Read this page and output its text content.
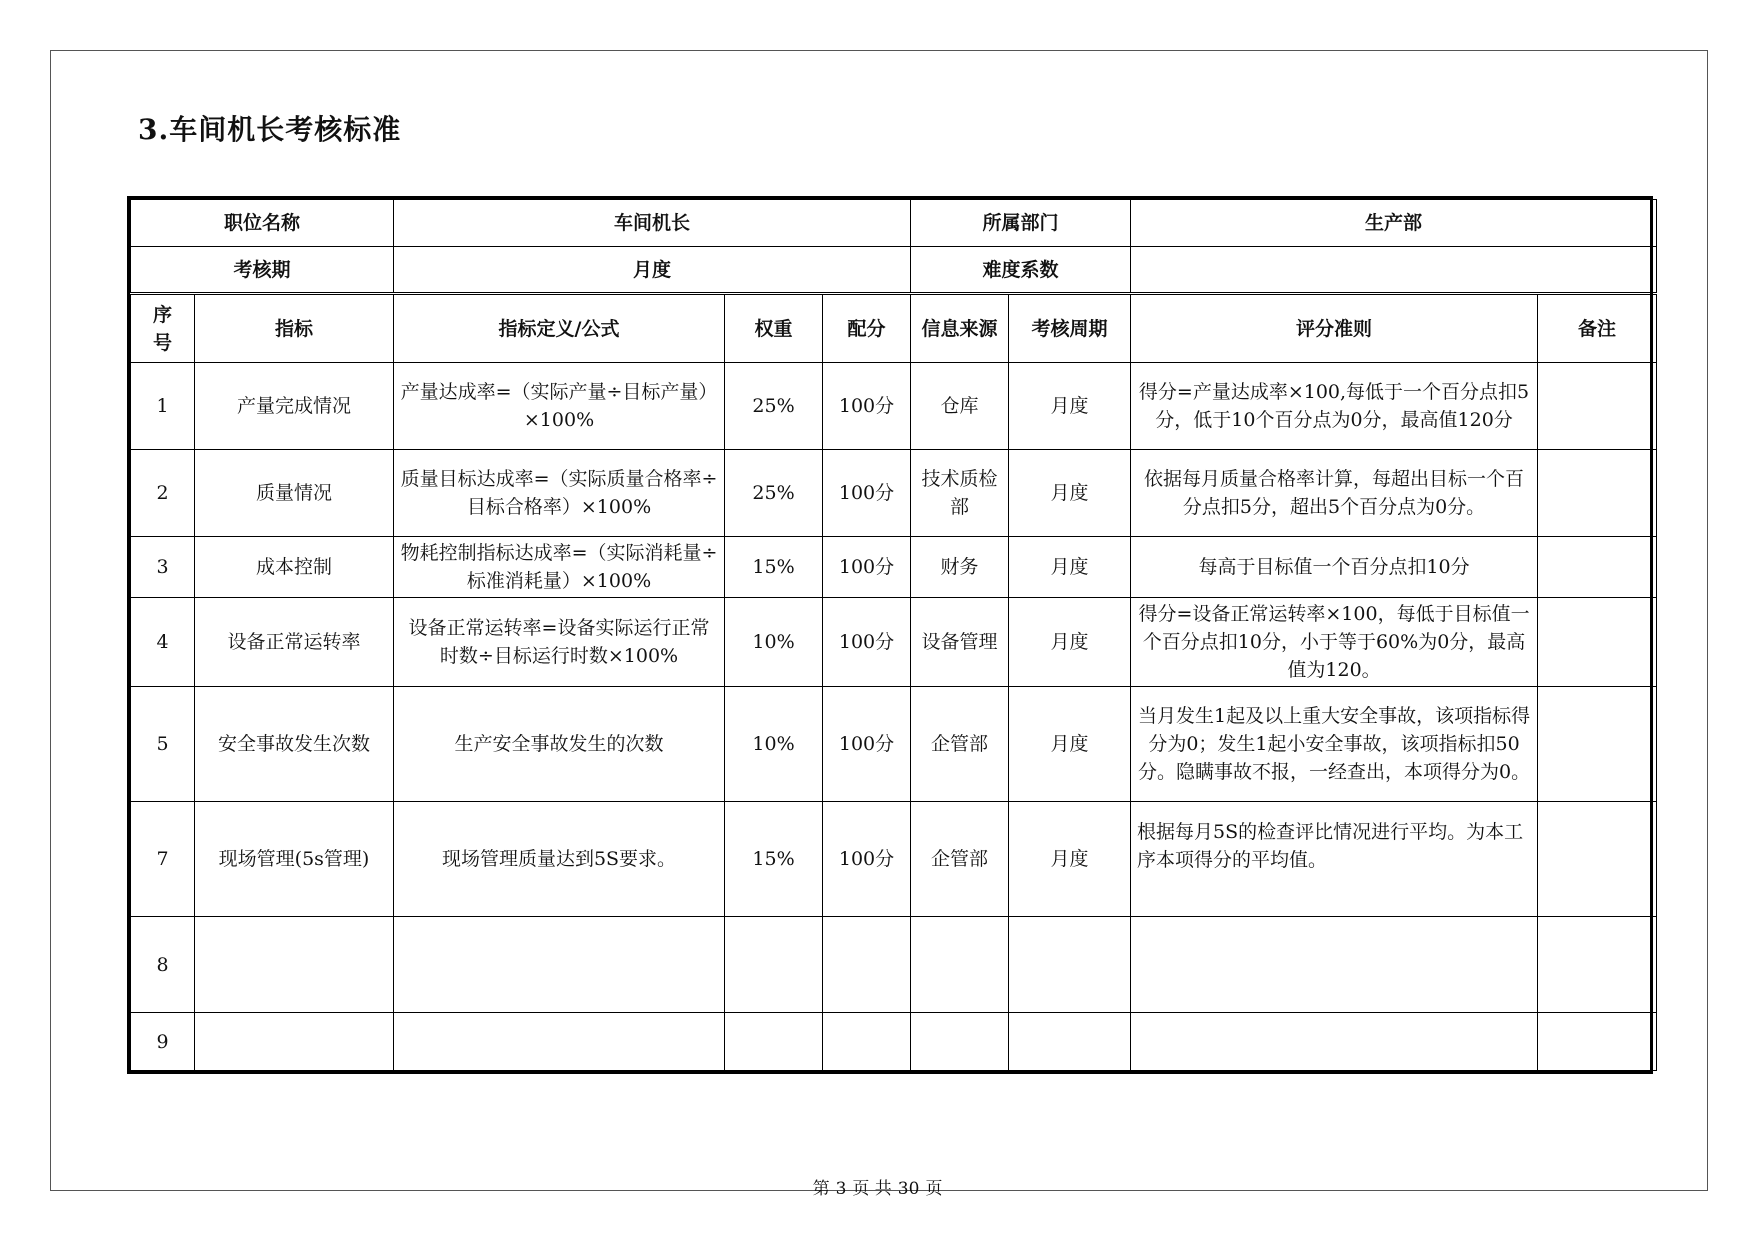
3.车间机长考核标准
职位名称		车间机长			所属部门		生产部	
考核期		月度			难度系数			
序号	指标	指标定义/公式	权重	配分	信息来源	考核周期	评分准则	备注
1	产量完成情况	产量达成率=（实际产量÷目标产量）×100%	25%	100分	仓库	月度	得分=产量达成率×100,每低于一个百分点扣5分，低于10个百分点为0分，最高值120分	
2	质量情况	质量目标达成率=（实际质量合格率÷目标合格率）×100%	25%	100分	技术质检部	月度	依据每月质量合格率计算，每超出目标一个百分点扣5分，超出5个百分点为0分。	
3	成本控制	物耗控制指标达成率=（实际消耗量÷标准消耗量）×100%	15%	100分	财务	月度	每高于目标值一个百分点扣10分	
4	设备正常运转率	设备正常运转率=设备实际运行正常时数÷目标运行时数×100%	10%	100分	设备管理	月度	得分=设备正常运转率×100，每低于目标值一个百分点扣10分，小于等于60%为0分，最高值为120。	
5	安全事故发生次数	生产安全事故发生的次数	10%	100分	企管部	月度	当月发生1起及以上重大安全事故，该项指标得分为0；发生1起小安全事故，该项指标扣50分。隐瞒事故不报，一经查出，本项得分为0。	
7	现场管理(5s管理)	现场管理质量达到5S要求。	15%	100分	企管部	月度	根据每月5S的检查评比情况进行平均。为本工序本项得分的平均值。	
8								
9								
第 3 页 共 30 页
